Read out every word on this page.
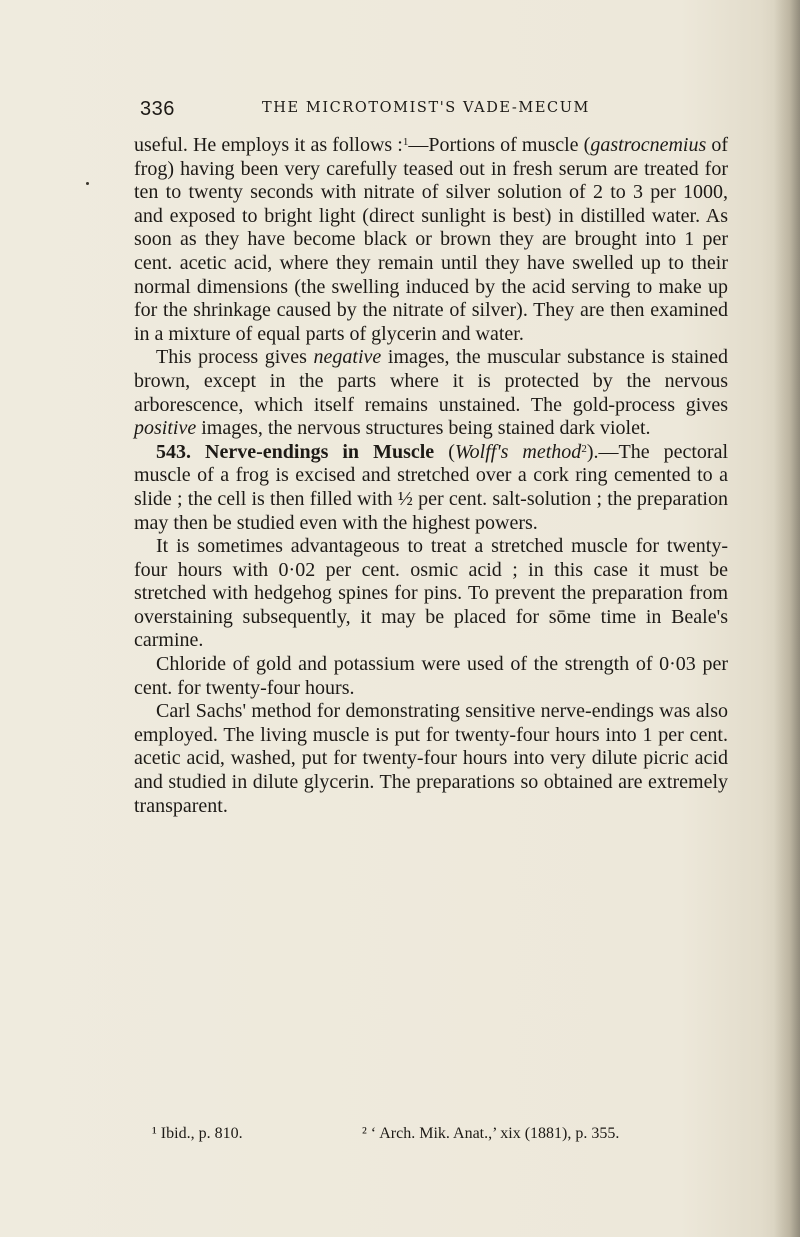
336	THE MICROTOMIST'S VADE-MECUM

useful. He employs it as follows :$^1$—Portions of muscle (gastrocnemius of frog) having been very carefully teased out in fresh serum are treated for ten to twenty seconds with nitrate of silver solution of 2 to 3 per 1000, and exposed to bright light (direct sunlight is best) in distilled water. As soon as they have become black or brown they are brought into 1 per cent. acetic acid, where they remain until they have swelled up to their normal dimensions (the swelling induced by the acid serving to make up for the shrinkage caused by the nitrate of silver). They are then examined in a mixture of equal parts of glycerin and water.

This process gives negative images, the muscular substance is stained brown, except in the parts where it is protected by the nervous arborescence, which itself remains unstained. The gold-process gives positive images, the nervous structures being stained dark violet.

543. Nerve-endings in Muscle (Wolff's method$^2$).—The pectoral muscle of a frog is excised and stretched over a cork ring cemented to a slide ; the cell is then filled with ½ per cent. salt-solution ; the preparation may then be studied even with the highest powers.

It is sometimes advantageous to treat a stretched muscle for twenty-four hours with 0·02 per cent. osmic acid ; in this case it must be stretched with hedgehog spines for pins. To prevent the preparation from overstaining subsequently, it may be placed for sōme time in Beale's carmine.

Chloride of gold and potassium were used of the strength of 0·03 per cent. for twenty-four hours.

Carl Sachs' method for demonstrating sensitive nerve-endings was also employed. The living muscle is put for twenty-four hours into 1 per cent. acetic acid, washed, put for twenty-four hours into very dilute picric acid and studied in dilute glycerin. The preparations so obtained are extremely transparent.

¹ Ibid., p. 810.	² ‘ Arch. Mik. Anat.,’ xix (1881), p. 355.
